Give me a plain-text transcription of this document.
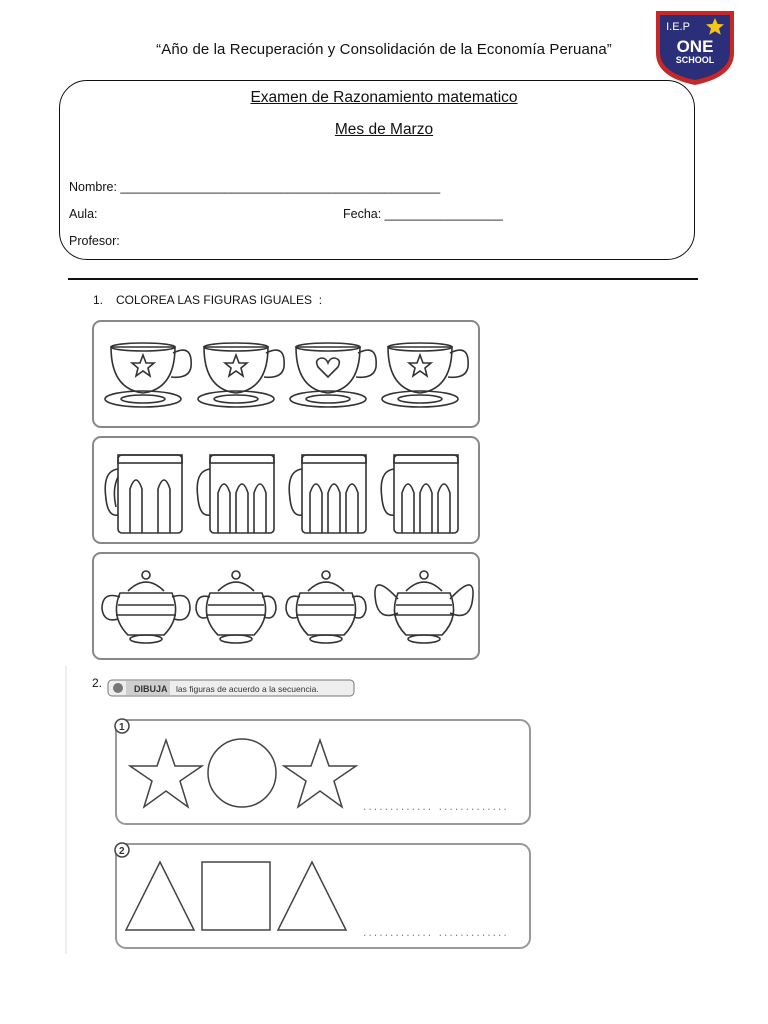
“Año de la Recuperación y Consolidación de la Economía Peruana”
I.E.P
ONE
SCHOOL
Examen de Razonamiento matematico
Mes de Marzo
Nombre: ______________________________________________
Aula:	Fecha: _________________
Profesor:
1. COLOREA LAS FIGURAS IGUALES  :
2.	DIBUJA las figuras de acuerdo a la secuencia.
1
............. .............
2
............. .............
